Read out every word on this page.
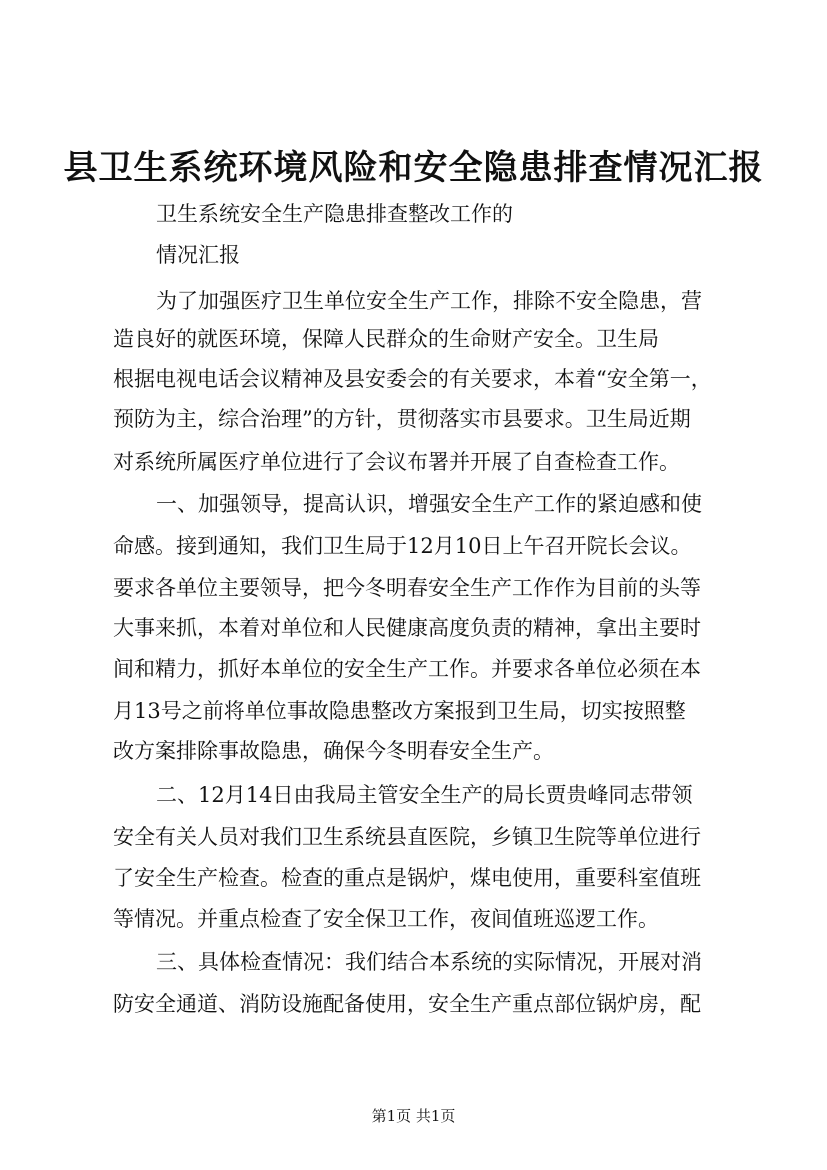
县卫生系统环境风险和安全隐患排查情况汇报
卫生系统安全生产隐患排查整改工作的
情况汇报
为了加强医疗卫生单位安全生产工作，排除不安全隐患，营
造良好的就医环境，保障人民群众的生命财产安全。卫生局
根据电视电话会议精神及县安委会的有关要求，本着“安全第一，
预防为主，综合治理”的方针，贯彻落实市县要求。卫生局近期
对系统所属医疗单位进行了会议布署并开展了自查检查工作。
一、加强领导，提高认识，增强安全生产工作的紧迫感和使
命感。接到通知，我们卫生局于12月10日上午召开院长会议。
要求各单位主要领导，把今冬明春安全生产工作作为目前的头等
大事来抓，本着对单位和人民健康高度负责的精神，拿出主要时
间和精力，抓好本单位的安全生产工作。并要求各单位必须在本
月13号之前将单位事故隐患整改方案报到卫生局，切实按照整
改方案排除事故隐患，确保今冬明春安全生产。
二、12月14日由我局主管安全生产的局长贾贵峰同志带领
安全有关人员对我们卫生系统县直医院，乡镇卫生院等单位进行
了安全生产检查。检查的重点是锅炉，煤电使用，重要科室值班
等情况。并重点检查了安全保卫工作，夜间值班巡逻工作。
三、具体检查情况：我们结合本系统的实际情况，开展对消
防安全通道、消防设施配备使用，安全生产重点部位锅炉房，配
第1页 共1页
